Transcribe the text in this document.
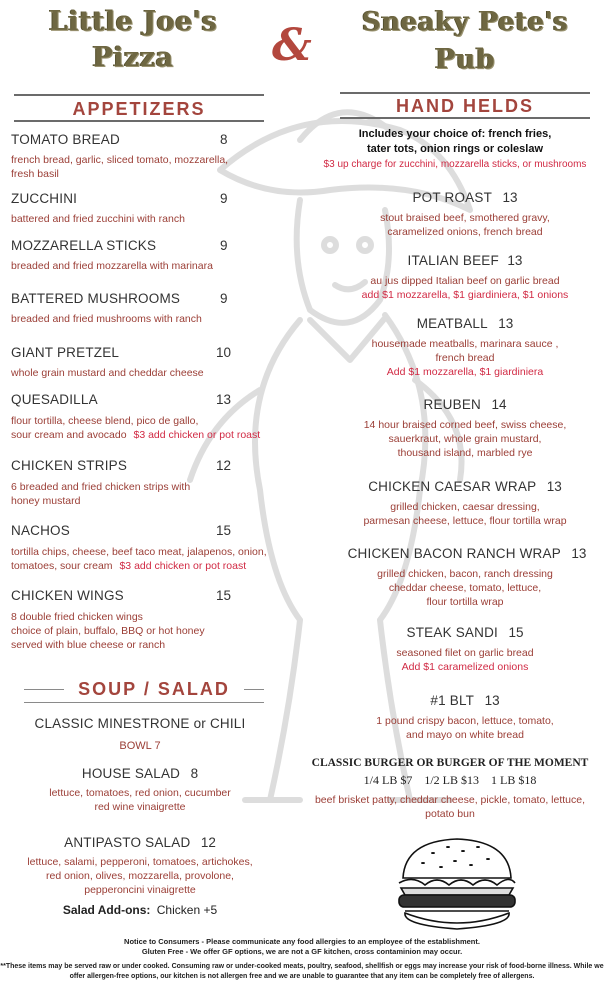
Little Joe's
Pizza	&	Sneaky Pete's
Pub
APPETIZERS
TOMATO BREAD	8
french bread, garlic, sliced tomato, mozzarella,
fresh basil
ZUCCHINI	9
battered and fried zucchini with ranch
MOZZARELLA STICKS	9
breaded and fried mozzarella with marinara
BATTERED MUSHROOMS	9
breaded and fried mushrooms with ranch
GIANT PRETZEL	10
whole grain mustard and cheddar cheese
QUESADILLA	13
flour tortilla, cheese blend, pico de gallo,
sour cream and avocado $3 add chicken or pot roast
CHICKEN STRIPS	12
6 breaded and fried chicken strips with
honey mustard
NACHOS	15
tortilla chips, cheese, beef taco meat, jalapenos, onion,
tomatoes, sour cream $3 add chicken or pot roast
CHICKEN WINGS	15
8 double fried chicken wings
choice of plain, buffalo, BBQ or hot honey
served with blue cheese or ranch
SOUP / SALAD
CLASSIC MINESTRONE or CHILI
BOWL 7
HOUSE SALAD 8
lettuce, tomatoes, red onion, cucumber
red wine vinaigrette
ANTIPASTO SALAD 12
lettuce, salami, pepperoni, tomatoes, artichokes,
red onion, olives, mozzarella, provolone,
pepperoncini vinaigrette
Salad Add-ons: Chicken +5
HAND HELDS
Includes your choice of: french fries,
tater tots, onion rings or coleslaw
$3 up charge for zucchini, mozzarella sticks, or mushrooms
POT ROAST 13
stout braised beef, smothered gravy,
caramelized onions, french bread
ITALIAN BEEF 13
au jus dipped Italian beef on garlic bread
add $1 mozzarella, $1 giardiniera, $1 onions
MEATBALL 13
housemade meatballs, marinara sauce ,
french bread
Add $1 mozzarella, $1 giardiniera
REUBEN 14
14 hour braised corned beef, swiss cheese,
sauerkraut, whole grain mustard,
thousand island, marbled rye
CHICKEN CAESAR WRAP 13
grilled chicken, caesar dressing,
parmesan cheese, lettuce, flour tortilla wrap
CHICKEN BACON RANCH WRAP 13
grilled chicken, bacon, ranch dressing
cheddar cheese, tomato, lettuce,
flour tortilla wrap
STEAK SANDI 15
seasoned filet on garlic bread
Add $1 caramelized onions
#1 BLT 13
1 pound crispy bacon, lettuce, tomato,
and mayo on white bread
CLASSIC BURGER OR BURGER OF THE MOMENT
1/4 LB $7    1/2 LB $13    1 LB $18
beef brisket patty, cheddar cheese, pickle, tomato, lettuce,
potato bun
Notice to Consumers - Please communicate any food allergies to an employee of the establishment.
Gluten Free - We offer GF options, we are not a GF kitchen, cross contaminion may occur.
**These items may be served raw or under cooked. Consuming raw or under-cooked meats, poultry, seafood, shellfish or eggs may increase your risk of food-borne illness. While we
offer allergen-free options, our kitchen is not allergen free and we are unable to guarantee that any item can be completely free of allergens.
